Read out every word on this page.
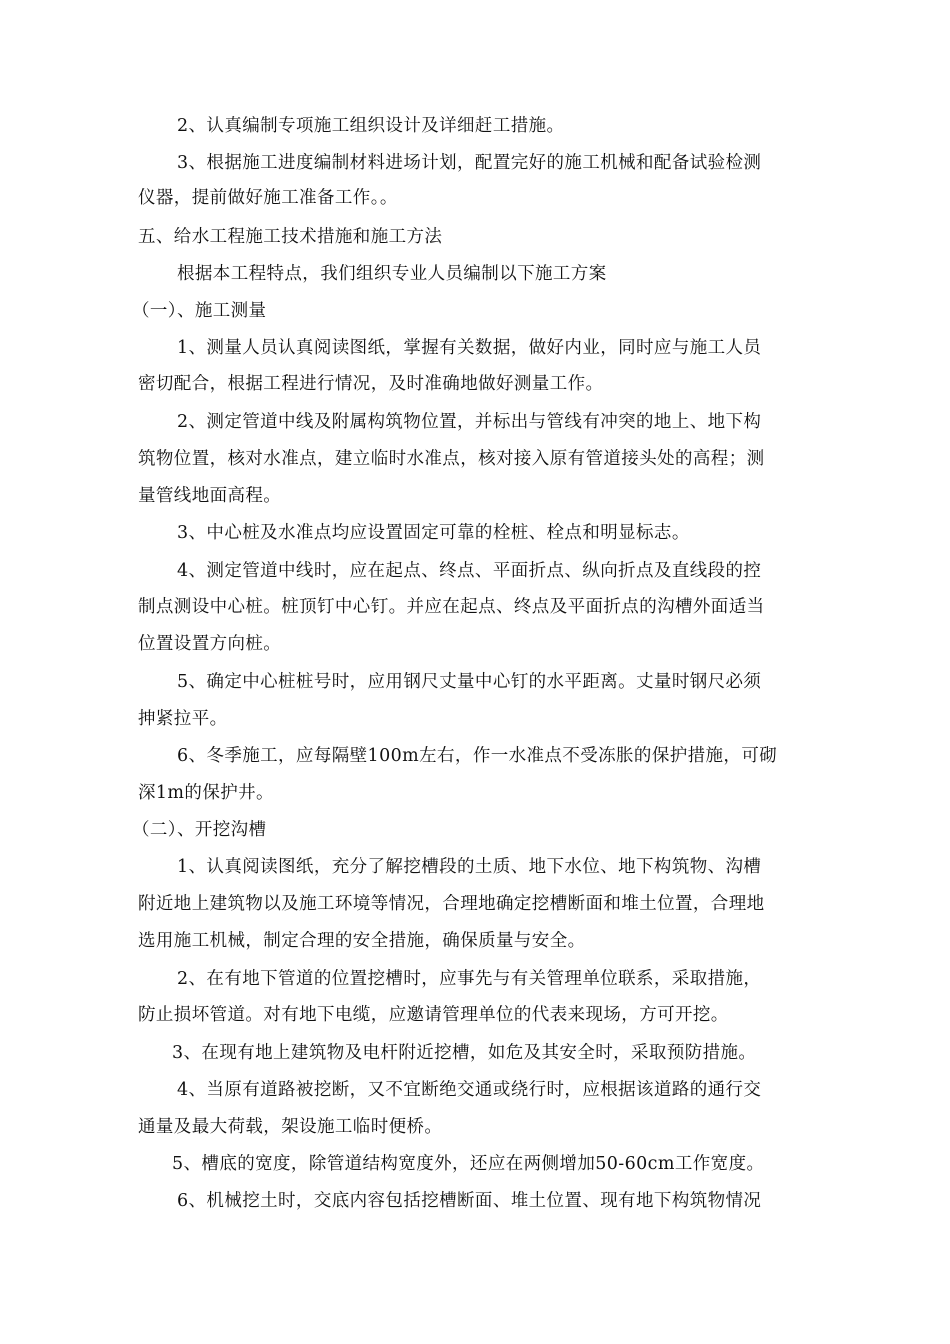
2、认真编制专项施工组织设计及详细赶工措施。
3、根据施工进度编制材料进场计划，配置完好的施工机械和配备试验检测
仪器，提前做好施工准备工作。。
五、给水工程施工技术措施和施工方法
根据本工程特点，我们组织专业人员编制以下施工方案
（一）、施工测量
1、测量人员认真阅读图纸，掌握有关数据，做好内业，同时应与施工人员
密切配合，根据工程进行情况，及时准确地做好测量工作。
2、测定管道中线及附属构筑物位置，并标出与管线有冲突的地上、地下构
筑物位置，核对水准点，建立临时水准点，核对接入原有管道接头处的高程；测
量管线地面高程。
3、中心桩及水准点均应设置固定可靠的栓桩、栓点和明显标志。
4、测定管道中线时，应在起点、终点、平面折点、纵向折点及直线段的控
制点测设中心桩。桩顶钉中心钉。并应在起点、终点及平面折点的沟槽外面适当
位置设置方向桩。
5、确定中心桩桩号时，应用钢尺丈量中心钉的水平距离。丈量时钢尺必须
抻紧拉平。
6、冬季施工，应每隔壁100m左右，作一水准点不受冻胀的保护措施，可砌
深1m的保护井。
（二）、开挖沟槽
1、认真阅读图纸，充分了解挖槽段的土质、地下水位、地下构筑物、沟槽
附近地上建筑物以及施工环境等情况，合理地确定挖槽断面和堆土位置，合理地
选用施工机械，制定合理的安全措施，确保质量与安全。
2、在有地下管道的位置挖槽时，应事先与有关管理单位联系，采取措施，
防止损坏管道。对有地下电缆，应邀请管理单位的代表来现场，方可开挖。
3、在现有地上建筑物及电杆附近挖槽，如危及其安全时，采取预防措施。
4、当原有道路被挖断，又不宜断绝交通或绕行时，应根据该道路的通行交
通量及最大荷载，架设施工临时便桥。
5、槽底的宽度，除管道结构宽度外，还应在两侧增加50-60cm工作宽度。
6、机械挖土时，交底内容包括挖槽断面、堆土位置、现有地下构筑物情况
